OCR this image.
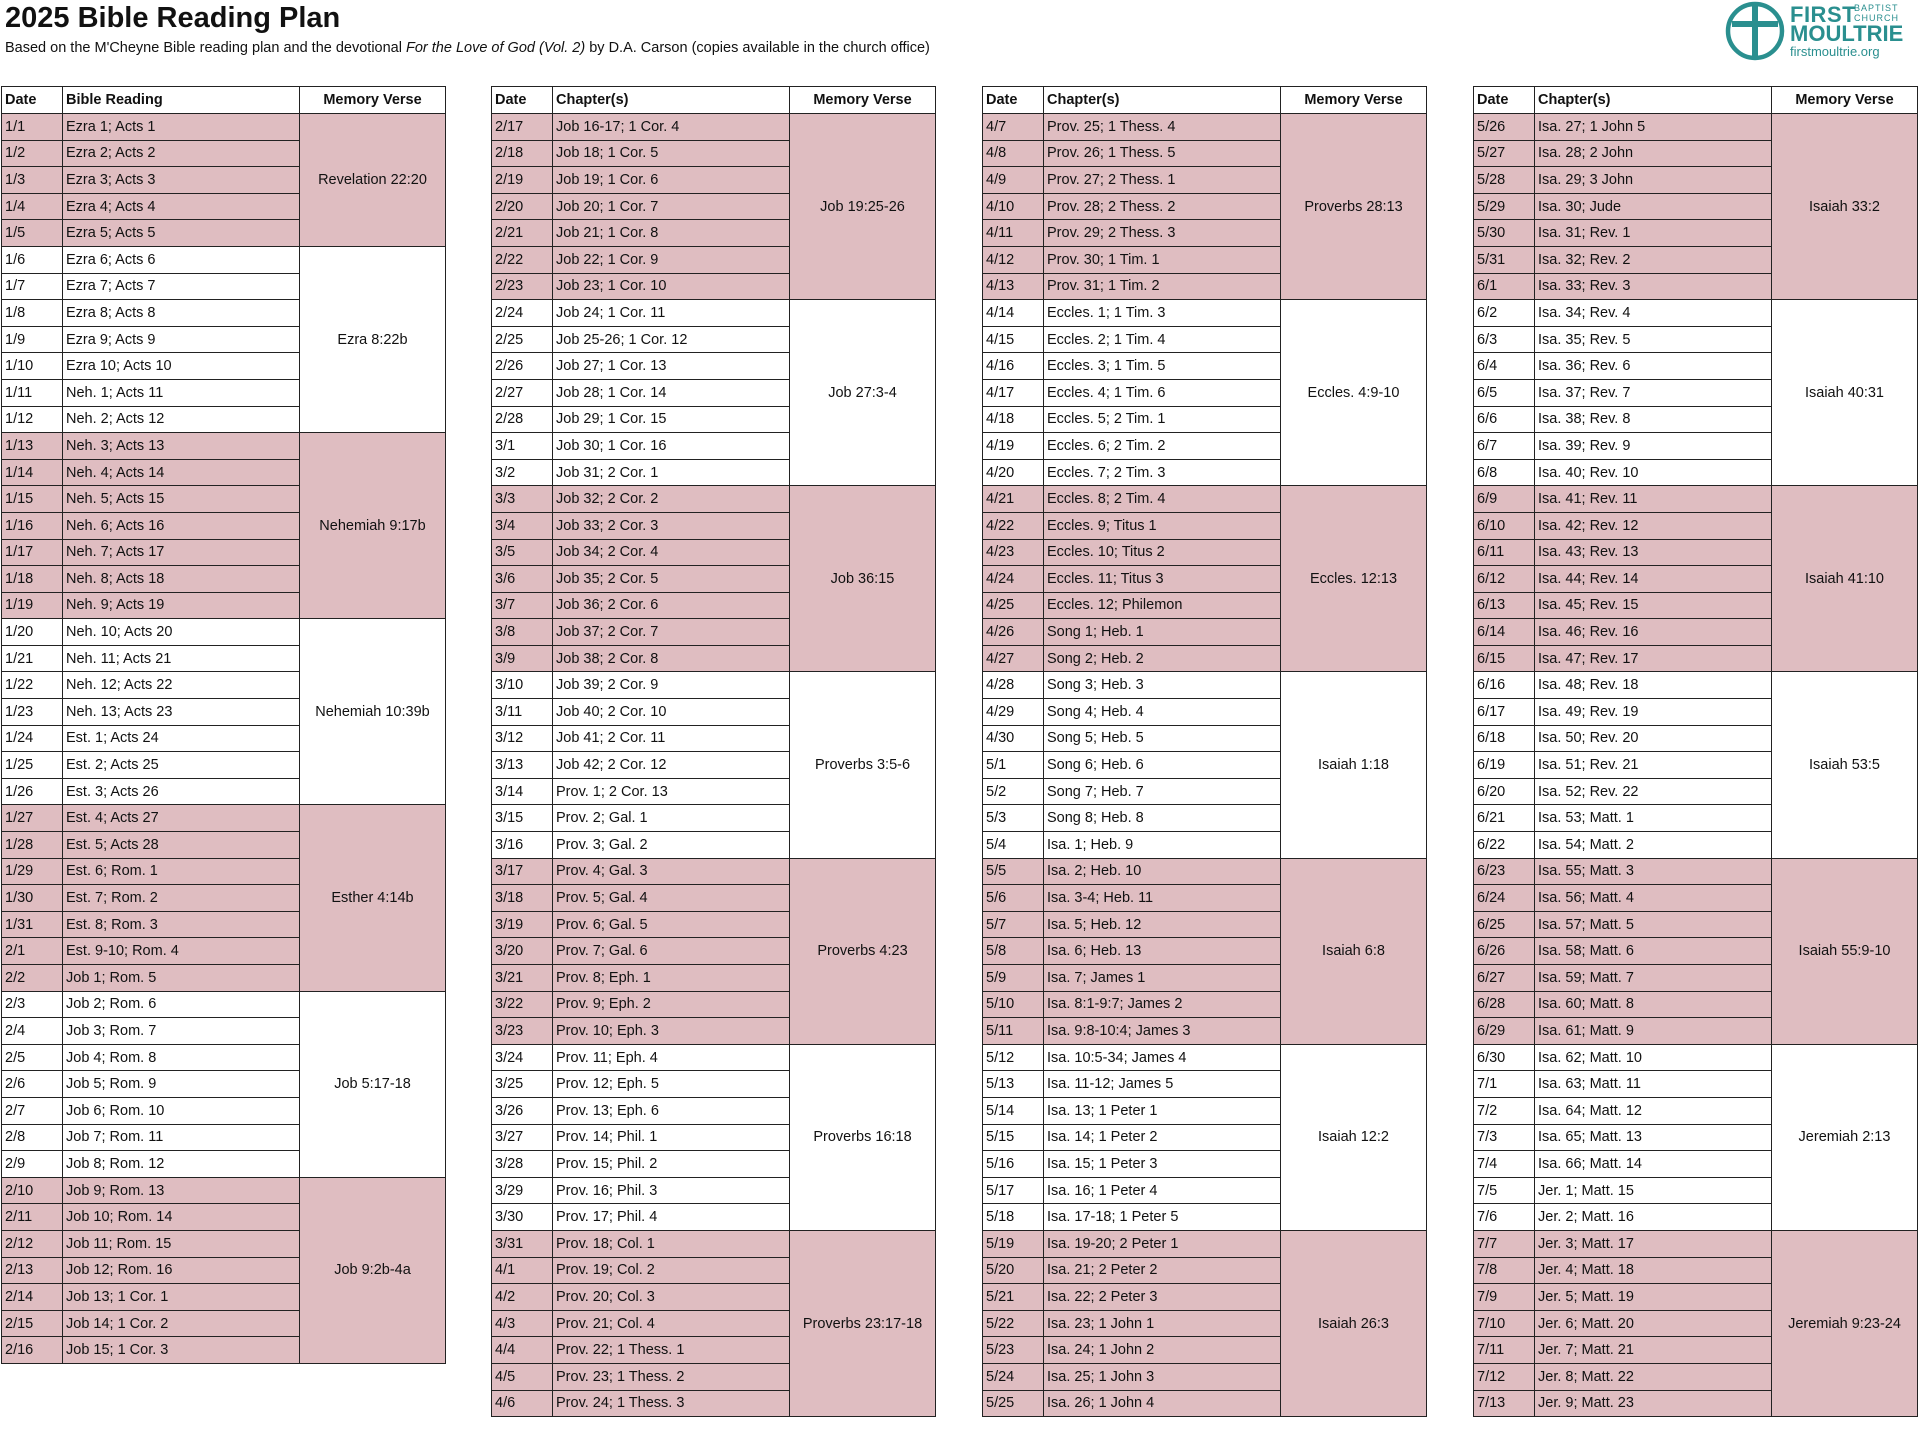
2025 Bible Reading Plan
Based on the M'Cheyne Bible reading plan and the devotional For the Love of God (Vol. 2) by D.A. Carson (copies available in the church office)
FIRST
BAPTIST CHURCH
MOULTRIE
firstmoultrie.org
Date	Bible Reading	Memory Verse
1/1	Ezra 1; Acts 1	Revelation 22:20
1/2	Ezra 2; Acts 2	
1/3	Ezra 3; Acts 3	
1/4	Ezra 4; Acts 4	
1/5	Ezra 5; Acts 5	
1/6	Ezra 6; Acts 6	Ezra 8:22b
1/7	Ezra 7; Acts 7	
1/8	Ezra 8; Acts 8	
1/9	Ezra 9; Acts 9	
1/10	Ezra 10; Acts 10	
1/11	Neh. 1; Acts 11	
1/12	Neh. 2; Acts 12	
1/13	Neh. 3; Acts 13	Nehemiah 9:17b
1/14	Neh. 4; Acts 14	
1/15	Neh. 5; Acts 15	
1/16	Neh. 6; Acts 16	
1/17	Neh. 7; Acts 17	
1/18	Neh. 8; Acts 18	
1/19	Neh. 9; Acts 19	
1/20	Neh. 10; Acts 20	Nehemiah 10:39b
1/21	Neh. 11; Acts 21	
1/22	Neh. 12; Acts 22	
1/23	Neh. 13; Acts 23	
1/24	Est. 1; Acts 24	
1/25	Est. 2; Acts 25	
1/26	Est. 3; Acts 26	
1/27	Est. 4; Acts 27	Esther 4:14b
1/28	Est. 5; Acts 28	
1/29	Est. 6; Rom. 1	
1/30	Est. 7; Rom. 2	
1/31	Est. 8; Rom. 3	
2/1	Est. 9-10; Rom. 4	
2/2	Job 1; Rom. 5	
2/3	Job 2; Rom. 6	Job 5:17-18
2/4	Job 3; Rom. 7	
2/5	Job 4; Rom. 8	
2/6	Job 5; Rom. 9	
2/7	Job 6; Rom. 10	
2/8	Job 7; Rom. 11	
2/9	Job 8; Rom. 12	
2/10	Job 9; Rom. 13	Job 9:2b-4a
2/11	Job 10; Rom. 14	
2/12	Job 11; Rom. 15	
2/13	Job 12; Rom. 16	
2/14	Job 13; 1 Cor. 1	
2/15	Job 14; 1 Cor. 2	
2/16	Job 15; 1 Cor. 3	
Date	Chapter(s)	Memory Verse
2/17	Job 16-17; 1 Cor. 4	Job 19:25-26
2/18	Job 18; 1 Cor. 5	
2/19	Job 19; 1 Cor. 6	
2/20	Job 20; 1 Cor. 7	
2/21	Job 21; 1 Cor. 8	
2/22	Job 22; 1 Cor. 9	
2/23	Job 23; 1 Cor. 10	
2/24	Job 24; 1 Cor. 11	Job 27:3-4
2/25	Job 25-26; 1 Cor. 12	
2/26	Job 27; 1 Cor. 13	
2/27	Job 28; 1 Cor. 14	
2/28	Job 29; 1 Cor. 15	
3/1	Job 30; 1 Cor. 16	
3/2	Job 31; 2 Cor. 1	
3/3	Job 32; 2 Cor. 2	Job 36:15
3/4	Job 33; 2 Cor. 3	
3/5	Job 34; 2 Cor. 4	
3/6	Job 35; 2 Cor. 5	
3/7	Job 36; 2 Cor. 6	
3/8	Job 37; 2 Cor. 7	
3/9	Job 38; 2 Cor. 8	
3/10	Job 39; 2 Cor. 9	Proverbs 3:5-6
3/11	Job 40; 2 Cor. 10	
3/12	Job 41; 2 Cor. 11	
3/13	Job 42; 2 Cor. 12	
3/14	Prov. 1; 2 Cor. 13	
3/15	Prov. 2; Gal. 1	
3/16	Prov. 3; Gal. 2	
3/17	Prov. 4; Gal. 3	Proverbs 4:23
3/18	Prov. 5; Gal. 4	
3/19	Prov. 6; Gal. 5	
3/20	Prov. 7; Gal. 6	
3/21	Prov. 8; Eph. 1	
3/22	Prov. 9; Eph. 2	
3/23	Prov. 10; Eph. 3	
3/24	Prov. 11; Eph. 4	Proverbs 16:18
3/25	Prov. 12; Eph. 5	
3/26	Prov. 13; Eph. 6	
3/27	Prov. 14; Phil. 1	
3/28	Prov. 15; Phil. 2	
3/29	Prov. 16; Phil. 3	
3/30	Prov. 17; Phil. 4	
3/31	Prov. 18; Col. 1	Proverbs 23:17-18
4/1	Prov. 19; Col. 2	
4/2	Prov. 20; Col. 3	
4/3	Prov. 21; Col. 4	
4/4	Prov. 22; 1 Thess. 1	
4/5	Prov. 23; 1 Thess. 2	
4/6	Prov. 24; 1 Thess. 3	
Date	Chapter(s)	Memory Verse
4/7	Prov. 25; 1 Thess. 4	Proverbs 28:13
4/8	Prov. 26; 1 Thess. 5	
4/9	Prov. 27; 2 Thess. 1	
4/10	Prov. 28; 2 Thess. 2	
4/11	Prov. 29; 2 Thess. 3	
4/12	Prov. 30; 1 Tim. 1	
4/13	Prov. 31; 1 Tim. 2	
4/14	Eccles. 1; 1 Tim. 3	Eccles. 4:9-10
4/15	Eccles. 2; 1 Tim. 4	
4/16	Eccles. 3; 1 Tim. 5	
4/17	Eccles. 4; 1 Tim. 6	
4/18	Eccles. 5; 2 Tim. 1	
4/19	Eccles. 6; 2 Tim. 2	
4/20	Eccles. 7; 2 Tim. 3	
4/21	Eccles. 8; 2 Tim. 4	Eccles. 12:13
4/22	Eccles. 9; Titus 1	
4/23	Eccles. 10; Titus 2	
4/24	Eccles. 11; Titus 3	
4/25	Eccles. 12; Philemon	
4/26	Song 1; Heb. 1	
4/27	Song 2; Heb. 2	
4/28	Song 3; Heb. 3	Isaiah 1:18
4/29	Song 4; Heb. 4	
4/30	Song 5; Heb. 5	
5/1	Song 6; Heb. 6	
5/2	Song 7; Heb. 7	
5/3	Song 8; Heb. 8	
5/4	Isa. 1; Heb. 9	
5/5	Isa. 2; Heb. 10	Isaiah 6:8
5/6	Isa. 3-4; Heb. 11	
5/7	Isa. 5; Heb. 12	
5/8	Isa. 6; Heb. 13	
5/9	Isa. 7; James 1	
5/10	Isa. 8:1-9:7; James 2	
5/11	Isa. 9:8-10:4; James 3	
5/12	Isa. 10:5-34; James 4	Isaiah 12:2
5/13	Isa. 11-12; James 5	
5/14	Isa. 13; 1 Peter 1	
5/15	Isa. 14; 1 Peter 2	
5/16	Isa. 15; 1 Peter 3	
5/17	Isa. 16; 1 Peter 4	
5/18	Isa. 17-18; 1 Peter 5	
5/19	Isa. 19-20; 2 Peter 1	Isaiah 26:3
5/20	Isa. 21; 2 Peter 2	
5/21	Isa. 22; 2 Peter 3	
5/22	Isa. 23; 1 John 1	
5/23	Isa. 24; 1 John 2	
5/24	Isa. 25; 1 John 3	
5/25	Isa. 26; 1 John 4	
Date	Chapter(s)	Memory Verse
5/26	Isa. 27; 1 John 5	Isaiah 33:2
5/27	Isa. 28; 2 John	
5/28	Isa. 29; 3 John	
5/29	Isa. 30; Jude	
5/30	Isa. 31; Rev. 1	
5/31	Isa. 32; Rev. 2	
6/1	Isa. 33; Rev. 3	
6/2	Isa. 34; Rev. 4	Isaiah 40:31
6/3	Isa. 35; Rev. 5	
6/4	Isa. 36; Rev. 6	
6/5	Isa. 37; Rev. 7	
6/6	Isa. 38; Rev. 8	
6/7	Isa. 39; Rev. 9	
6/8	Isa. 40; Rev. 10	
6/9	Isa. 41; Rev. 11	Isaiah 41:10
6/10	Isa. 42; Rev. 12	
6/11	Isa. 43; Rev. 13	
6/12	Isa. 44; Rev. 14	
6/13	Isa. 45; Rev. 15	
6/14	Isa. 46; Rev. 16	
6/15	Isa. 47; Rev. 17	
6/16	Isa. 48; Rev. 18	Isaiah 53:5
6/17	Isa. 49; Rev. 19	
6/18	Isa. 50; Rev. 20	
6/19	Isa. 51; Rev. 21	
6/20	Isa. 52; Rev. 22	
6/21	Isa. 53; Matt. 1	
6/22	Isa. 54; Matt. 2	
6/23	Isa. 55; Matt. 3	Isaiah 55:9-10
6/24	Isa. 56; Matt. 4	
6/25	Isa. 57; Matt. 5	
6/26	Isa. 58; Matt. 6	
6/27	Isa. 59; Matt. 7	
6/28	Isa. 60; Matt. 8	
6/29	Isa. 61; Matt. 9	
6/30	Isa. 62; Matt. 10	Jeremiah 2:13
7/1	Isa. 63; Matt. 11	
7/2	Isa. 64; Matt. 12	
7/3	Isa. 65; Matt. 13	
7/4	Isa. 66; Matt. 14	
7/5	Jer. 1; Matt. 15	
7/6	Jer. 2; Matt. 16	
7/7	Jer. 3; Matt. 17	Jeremiah 9:23-24
7/8	Jer. 4; Matt. 18	
7/9	Jer. 5; Matt. 19	
7/10	Jer. 6; Matt. 20	
7/11	Jer. 7; Matt. 21	
7/12	Jer. 8; Matt. 22	
7/13	Jer. 9; Matt. 23	
